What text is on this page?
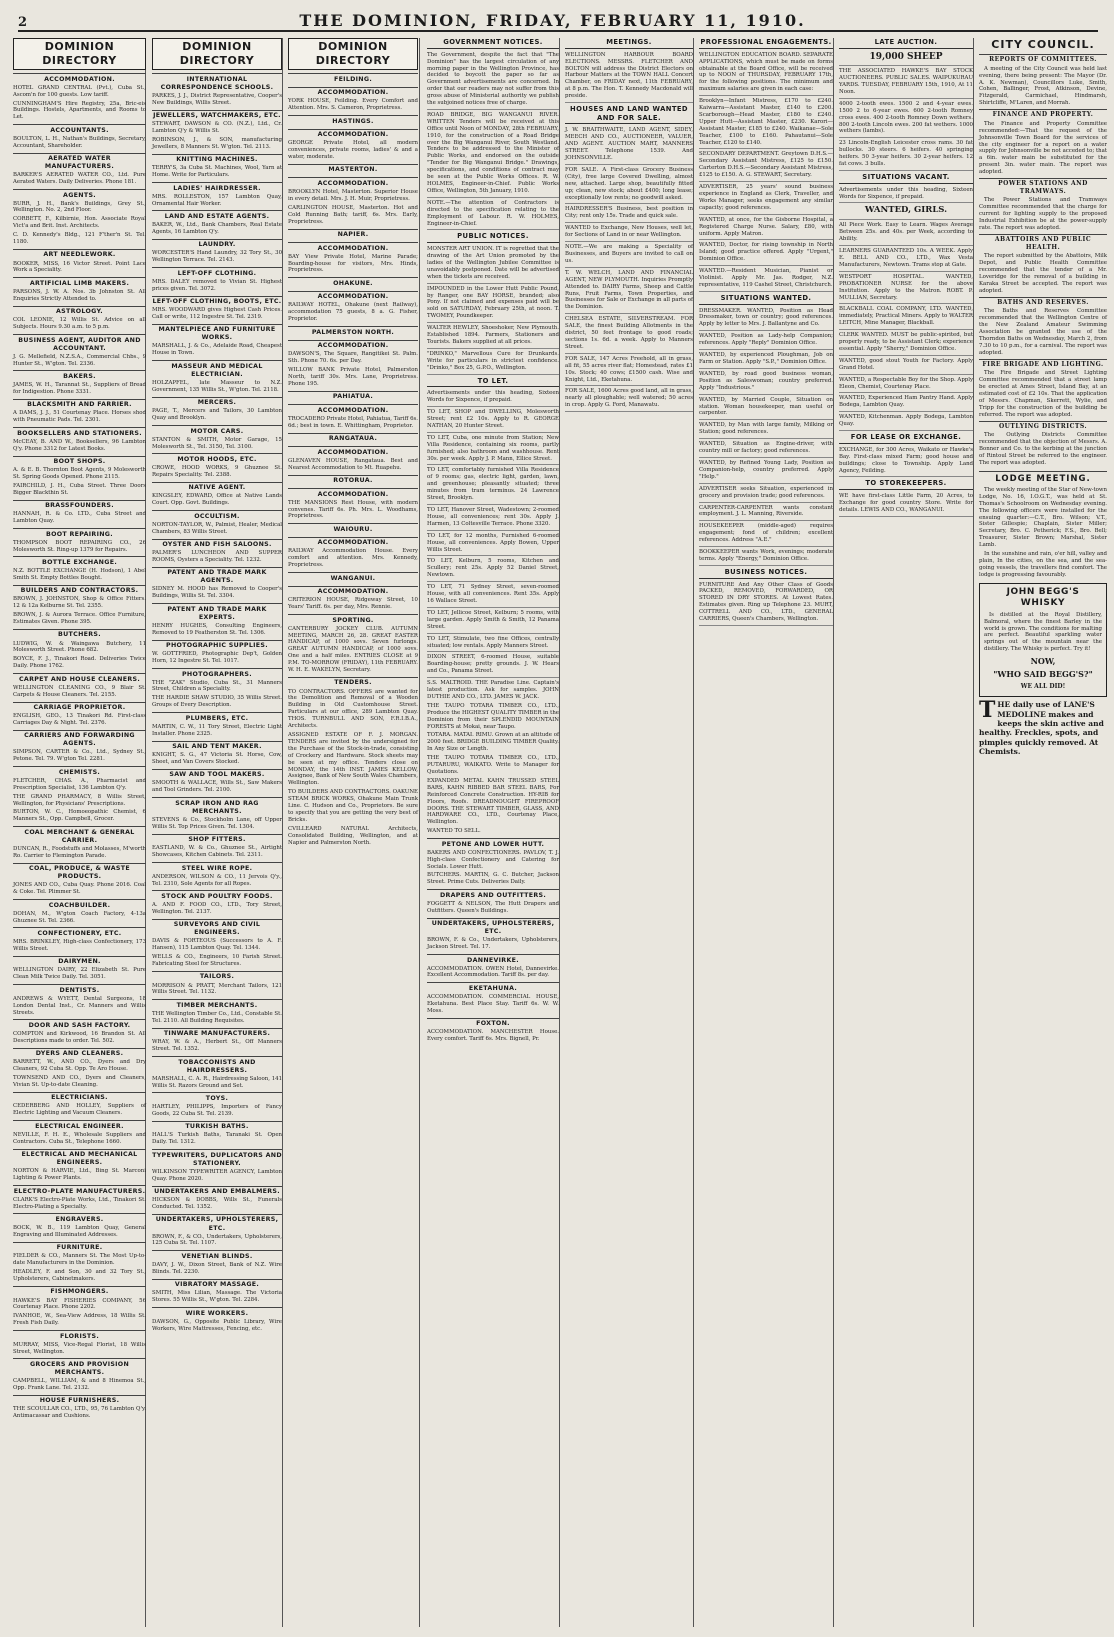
2	THE DOMINION, FRIDAY, FEBRUARY 11, 1910.
DOMINION DIRECTORY
ACCOMMODATION.

HOTEL GRAND CENTRAL (Pvt.), Cuba St., Ascom'n for 100 guests. Low tariff.

CUNNINGHAM'S Hire Registry, 25a, Bric-eis Buildings. Hostels, Apartments, and Rooms to Let.

ACCOUNTANTS.

BOULTON, L. H., Nathan's Buildings, Secretary, Accountant, Shareholder.

AERATED WATER MANUFACTURERS.

BARKER'S AERATED WATER CO., Ltd. Pure Aerated Waters. Daily Deliveries. Phone 181.

AGENTS.

BURR, J. H., Bank's Buildings, Grey St., Wellington. No. 2, 2nd Floor.

CORBETT, F., Kilbirnie, Hon. Associate Royal Vict'a and Brit. Inst. Architects.

C. D. Kennedy's Bldg., 121 F'ther'n St. Tel. 1180.

ART NEEDLEWORK.

BOOKER, MISS, 16 Victor Street. Point Lace Work a Speciality.

ARTIFICIAL LIMB MAKERS.

PARSONS, J. W. A. Nos. 3b Johnston St. All Enquiries Strictly Attended to.

ASTROLOGY.

COL LEONIE, 12 Willis St. Advice on all Subjects. Hours 9.30 a.m. to 5 p.m.

BUSINESS AGENT, AUDITOR AND ACCOUNTANT.

J. G. Mellefield, N.Z.S.A., Commercial Chbs., 9 Hunter St., W'gton. Tel. 2336.

BAKERS.

JAMES, W. H., Tarannat St., Suppliers of Bread for Indigestion. Phone 3331.

BLACKSMITH AND FARRIER.

A DAMS, J. J., 51 Courtenay Place. Horses shod with Pneumatic Pads. Tel. 2301.

BOOKSELLERS AND STATIONERS.

McCEAY, B. AND W., Booksellers, 96 Lambton Q'y. Phone 3312 for Latest Books.

BOOT SHOPS.

A. & E. B. Thornton Boot Agents, 9 Molesworth St. Spring Goods Opened. Phone 2115.

FAIRCHILD, J. H., Cuba Street. Three Doors Bigger Blackthin St.

BRASSFOUNDERS.

HANNAH, R. & Co. LTD., Cuba Street and Lambton Quay.

BOOT REPAIRING.

THOMPSON BOOT REPAIRING CO., 26 Molesworth St. Ring-up 1379 for Repairs.

BOTTLE EXCHANGE.

N.Z. BOTTLE EXCHANGE (H. Hodson), 1 Abel Smith St. Empty Bottles Bought.

BUILDERS AND CONTRACTORS.

BROWN, J. JOHNSTON, Shop & Office Fitters. 12 & 12a Kelburne St. Tel. 2355.

BROWN, J. & Aurora Terrace. Office Furniture, Estimates Given. Phone 395.

BUTCHERS.

LUDWIG, W. & Waingawa Butchery, 11 Molesworth Street. Phone 682.

BOYCE, F. J., Tinakori Road. Deliveries Twice Daily. Phone 1762.

CARPET AND HOUSE CLEANERS.

WELLINGTON CLEANING CO., 9 Blair St. Carpets & House Cleaners. Tel. 2155.

CARRIAGE PROPRIETOR.

ENGLISH, GEO., 13 Tinakori Rd. First-class Carriages Day & Night. Tel. 2376.

CARRIERS AND FORWARDING AGENTS.

SIMPSON, CARTER & Co., Ltd., Sydney St., Petone. Tel. 79. W'gton Tel. 2281.

CHEMISTS.

FLETCHER, CHAS. A., Pharmacist and Prescription Specialist, 136 Lambton Q'y.

THE GRAND PHARMACY, 8 Willis Street, Wellington, for Physicians' Prescriptions.

BURTON, W. C., Homoeopathic Chemist, 6 Manners St., Opp. Campbell, Grocer.

COAL MERCHANT & GENERAL CARRIER.

DUNCAN, R., Foodstuffs and Molasses, M'worth Ro. Carrier to Flemington Parade.

COAL, PRODUCE, & WASTE PRODUCTS.

JONES AND CO., Cuba Quay. Phone 2016. Coal & Coke. Tel. Plimmer St.

COACHBUILDER.

DOHAN, M., W'gton Coach Factory, 4-13a Ghuznee St. Tel. 2366.

CONFECTIONERY, ETC.

MRS. BRINKLEY, High-class Confectionery, 173 Willis Street.

DAIRYMEN.

WELLINGTON DAIRY, 22 Elizabeth St. Pure Clean Milk Twice Daily. Tel. 3051.

DENTISTS.

ANDREWS & WYETT, Dental Surgeons, 18 London Dental Inst., Cr. Manners and Willis Streets.

DOOR AND SASH FACTORY.

COMPTON and Kirkwood, 16 Brandon St. All Descriptions made to order. Tel. 502.

DYERS AND CLEANERS.

BARRETT, W., AND CO., Dyers and Dry Cleaners, 92 Cuba St. Opp. Te Aro House.

TOWNSEND AND CO., Dyers and Cleaners, Vivian St. Up-to-date Cleaning.

ELECTRICIANS.

CEDERBERG AND HOLLEY, Suppliers of Electric Lighting and Vacuum Cleaners.

ELECTRICAL ENGINEER.

NEVILLE, F. H. E., Wholesale Suppliers and Contractors. Cuba St., Telephone 1660.

ELECTRICAL AND MECHANICAL ENGINEERS.

NORTON & HARVIE, Ltd., Bing St. Marconi Lighting & Power Plants.

ELECTRO-PLATE MANUFACTURERS.

CLARK'S Electro-Plate Works, Ltd., Tinakori St. Electro-Plating a Specialty.

ENGRAVERS.

BOCK, W. B., 119 Lambton Quay, General Engraving and Illuminated Addresses.

FURNITURE.

FIELDER & CO., Manners St. The Most Up-to-date Manufacturers in the Dominion.

HEADLEY, F. and Son, 30 and 32 Tory St., Upholsterers, Cabinetmakers.

FISHMONGERS.

HAWKE'S BAY FISHERIES COMPANY, 56 Courtenay Place. Phone 2202.

IVANHOE, W., Sea-View Address, 18 Willis St. Fresh Fish Daily.

FLORISTS.

MURRAY, MISS, Vice-Regal Florist, 18 Willis Street, Wellington.

GROCERS AND PROVISION MERCHANTS.

CAMPBELL, WILLIAM, & and 8 Hinemoa St., Opp. Frank Lane. Tel. 2132.

HOUSE FURNISHERS.

THE SCOULLAR CO., LTD., 95, 76 Lambton Q'y. Antimacassar and Cushions.

DOMINION DIRECTORY
INTERNATIONAL CORRESPONDENCE SCHOOLS.

PARKES, J. J., District Representative, Cooper's New Buildings, Willis Street.

JEWELLERS, WATCHMAKERS, ETC.

STEWART, DAWSON & CO. (N.Z.), Ltd., Cr. Lambton Q'y & Willis St.

ROBINSON, J., & SON, manufacturing Jewellers, 8 Manners St. W'gton. Tel. 2113.

KNITTING MACHINES.

TERRY'S, 3a Cuba St. Machines, Wool, Yarn at Home. Write for Particulars.

LADIES' HAIRDRESSER.

MRS. ROLLESTON, 157 Lambton Quay, Ornamental Hair Worker.

LAND AND ESTATE AGENTS.

BAKER, W., Ltd., Bank Chambers, Real Estate Agents, 16 Lambton Q'y.

LAUNDRY.

WORCESTER'S Hand Laundry, 32 Tory St., 30 Wellington Terrace. Tel. 2143.

LEFT-OFF CLOTHING.

MRS. DALEY removed to Vivian St. Highest prices given. Tel. 3072.

LEFT-OFF CLOTHING, BOOTS, ETC.

MRS. WOODWARD gives Highest Cash Prices. Call or write, 112 Ingestre St. Tel. 2319.

MANTELPIECE AND FURNITURE WORKS.

MARSHALL, J. & Co., Adelaide Road, Cheapest House in Town.

MASSEUR AND MEDICAL ELECTRICIAN.

HOLZAPFEL, late Masseur to N.Z. Government, 135 Willis St., W'gton. Tel. 2118.

MERCERS.

PAGE, T., Mercers and Tailors, 30 Lambton Quay and Brooklyn.

MOTOR CARS.

STANTON & SMITH, Motor Garage, 15 Molesworth St., Tel. 3150, Tel. 3100.

MOTOR HOODS, ETC.

CROWE, HOOD WORKS, 9 Ghuznee St. Repairs Speciality. Tel. 2388.

NATIVE AGENT.

KINGSLEY, EDWARD, Office at Native Lands Court. Opp. Govt. Buildings.

OCCULTISM.

NORTON-TAYLOR, W., Palmist, Healer, Medical Chambers, 83 Willis Street.

OYSTER AND FISH SALOONS.

PALMER'S LUNCHEON AND SUPPER ROOMS, Oysters a Speciality. Tel. 1232.

PATENT AND TRADE MARK AGENTS.

SIDNEY M. HOOD has Removed to Cooper's Buildings, Willis St. Tel. 3304.

PATENT AND TRADE MARK EXPERTS.

HENRY HUGHES, Consulting Engineers, Removed to 19 Featherston St. Tel. 1306.

PHOTOGRAPHIC SUPPLIES.

W. GOTTFRIED, Photographic Dep't, Golden Horn, 12 Ingestre St. Tel. 1017.

PHOTOGRAPHERS.

THE "ZAK" Studio, Cuba St., 31 Manners Street, Children a Speciality.

THE HARDIE SHAW STUDIO, 35 Willis Street. Groups of Every Description.

PLUMBERS, ETC.

MARTIN, C. W., 11 Tory Street, Electric Light Installer. Phone 2325.

SAIL AND TENT MAKER.

KNIGHT, S. G., 47 Victoria St. Horse, Cow, Sheet, and Van Covers Stocked.

SAW AND TOOL MAKERS.

SMOOTH & WALLACE, Wills St., Saw Makers and Tool Grinders. Tel. 2100.

SCRAP IRON AND RAG MERCHANTS.

STEVENS & Co., Stockholm Lane, off Upper Willis St. Top Prices Given. Tel. 1304.

SHOP FITTERS.

EASTLAND, W. & Co., Ghuznee St., Airtight Showcases, Kitchen Cabinets. Tel. 2311.

STEEL WIRE ROPE.

ANDERSON, WILSON & CO., 11 Jervois Q'y., Tel. 2310, Sole Agents for all Ropes.

STOCK AND POULTRY FOODS.

A. AND F. FOOD CO., LTD., Tory Street, Wellington. Tel. 2137.

SURVEYORS AND CIVIL ENGINEERS.

DAVIS & FORTEOUS (Successors to A. F. Hansen), 115 Lambton Quay. Tel. 1344.

WELLS & CO., Engineers, 10 Farish Street. Fabricating Steel for Structures.

TAILORS.

MORRISON & PRATT, Merchant Tailors, 121 Willis Street. Tel. 1132.

TIMBER MERCHANTS.

THE Wellington Timber Co., Ltd., Constable St. Tel. 2110. All Building Requisites.

TINWARE MANUFACTURERS.

WRAY, W. & A., Herbert St., Off Manners Street. Tel. 1352.

TOBACCONISTS AND HAIRDRESSERS.

MARSHALL, C. A. R., Hairdressing Saloon, 141 Willis St. Razors Ground and Set.

TOYS.

HARTLEY, PHILIPPS, Importers of Fancy Goods, 22 Cuba St. Tel. 2139.

TURKISH BATHS.

HALL'S Turkish Baths, Taranaki St. Open Daily. Tel. 1312.

TYPEWRITERS, DUPLICATORS AND STATIONERY.

WILKINSON TYPEWRITER AGENCY, Lambton Quay. Phone 2020.

UNDERTAKERS AND EMBALMERS.

HICKSON & DOBBS, Wills St., Funerals Conducted. Tel. 1352.

UNDERTAKERS, UPHOLSTERERS, ETC.

BROWN, F., & CO., Undertakers, Upholsterers, 125 Cuba St. Tel. 1107.

VENETIAN BLINDS.

DAVY, J. W., Dixon Street, Bank of N.Z. Wire Blinds. Tel. 2230.

VIBRATORY MASSAGE.

SMITH, Miss Lilian, Massage. The Victoria Stores. 55 Willis St., W'gton. Tel. 2284.

WIRE WORKERS.

DAWSON, G., Opposite Public Library, Wire Workers, Wire Mattresses, Fencing, etc.

DOMINION DIRECTORY
FEILDING.
ACCOMMODATION.

YORK HOUSE, Feilding. Every Comfort and Attention. Mrs. S. Cameron, Proprietress.

HASTINGS.
ACCOMMODATION.

GEORGE Private Hotel, all modern conveniences, private rooms, ladies' & and a water, moderate.

MASTERTON.
ACCOMMODATION.

BROOKLYN Hotel, Masterton. Superior House in every detail. Mrs. J. H. Muir, Proprietress.

CARLINGTON HOUSE, Masterton. Hot and Cold Running Bath; tariff, 6s. Mrs. Early, Proprietress.

NAPIER.
ACCOMMODATION.

BAY View Private Hotel, Marine Parade; Boarding-house for visitors, Mrs. Hinds, Proprietress.

OHAKUNE.
ACCOMMODATION.

RAILWAY HOTEL, Ohakune (next Railway), accommodation 75 guests, 8 a. G. Fisher, Proprietor.

PALMERSTON NORTH.
ACCOMMODATION.

DAWSON'S, The Square, Rangitikei St. Palm. Sth. Phone 70. 6s. per Day.

WILLOW BANK Private Hotel, Palmerston North, tariff 30s. Mrs. Lane, Proprietress. Phone 195.

PAHIATUA.
ACCOMMODATION.

TROCADERO Private Hotel, Pahiatua, Tariff 6s. 6d.; best in town. E. Whittingham, Proprietor.

RANGATAUA.
ACCOMMODATION.

GLENAVEN HOUSE, Rangataua. Best and Nearest Accommodation to Mt. Ruapehu.

ROTORUA.
ACCOMMODATION.

THE MANSIONS Rest House, with modern convenes. Tariff 6s. Ph. Mrs. L. Woodhams, Proprietress.

WAIOURU.
ACCOMMODATION.

RAILWAY Accommodation House. Every comfort and attention. Mrs. Kennedy, Proprietress.

WANGANUI.
ACCOMMODATION.

CRITERION HOUSE, Ridgeway Street, 10 Years' Tariff. 6s. per day, Mrs. Rennie.

SPORTING.

CANTERBURY JOCKEY CLUB. AUTUMN MEETING, MARCH 26, 28. GREAT EASTER HANDICAP, of 1000 sovs. Seven furlongs. GREAT AUTUMN HANDICAP, of 1000 sovs. One and a half miles. ENTRIES CLOSE at 9 P.M. TO-MORROW (FRIDAY), 11th FEBRUARY. W. H. E. WAKELYN, Secretary.

TENDERS.

TO CONTRACTORS. OFFERS are wanted for the Demolition and Removal of a Wooden Building in Old Customhouse Street. Particulars at our office, 289 Lambton Quay. THOS. TURNBULL AND SON, F.R.I.B.A., Architects.

ASSIGNED ESTATE OF F. J. MORGAN. TENDERS are invited by the undersigned for the Purchase of the Stock-in-trade, consisting of Crockery and Hardware. Stock sheets may be seen at my office. Tenders close on MONDAY, the 14th INST. JAMES KELLOW, Assignee, Bank of New South Wales Chambers, Wellington.

TO BUILDERS AND CONTRACTORS. OAKUNE STEAM BRICK WORKS, Ohakune Main Trunk Line. C. Hudson and Co., Proprietors. Be sure to specify that you are getting the very best of Bricks.

CVILLEARD NATURAL Architects, Consolidated Building, Wellington, and at Napier and Palmerston North.

GOVERNMENT NOTICES.

The Government, despite the fact that "The Dominion" has the largest circulation of any morning paper in the Wellington Province, has decided to boycott the paper so far as Government advertisements are concerned. In order that our readers may not suffer from this gross abuse of Ministerial authority we publish the subjoined notices free of charge.

ROAD BRIDGE, BIG WANGANUI RIVER. WRITTEN Tenders will be received at this Office until Noon of MONDAY, 28th FEBRUARY, 1910, for the construction of a Road Bridge over the Big Wanganui River, South Westland. Tenders to be addressed to the Minister of Public Works, and endorsed on the outside "Tender for Big Wanganui Bridge." Drawings, specifications, and conditions of contract may be seen at the Public Works Offices. R. W. HOLMES, Engineer-in-Chief. Public Works Office, Wellington, 5th January, 1910.

NOTE.—The attention of Contractors is directed to the specification relating to the Employment of Labour. R. W. HOLMES, Engineer-in-Chief.

PUBLIC NOTICES.

MONSTER ART UNION. IT is regretted that the drawing of the Art Union promoted by the ladies of the Wellington Jubilee Committee is unavoidably postponed. Date will be advertised when the tickets are received.

IMPOUNDED in the Lower Hutt Public Pound, by Ranger, one BAY HORSE, branded; also Pony. If not claimed and expenses paid will be sold on SATURDAY, February 25th, at noon. T. TWOMEY, Poundkeeper.

WALTER HEWLEY, Shoeshoker, New Plymouth. Established 1894. Farmers, Stationers and Tourists. Bakers supplied at all prices.

"DRINKO," Marvellous Cure for Drunkards. Write for particulars in strictest confidence. "Drinko," Box 25, G.P.O., Wellington.

TO LET.
Advertisements under this heading, Sixteen Words for Sixpence, if prepaid.

TO LET, SHOP and DWELLING, Molesworth Street; rent £2 10s. Apply to R. GEORGE NATHAN, 20 Hunter Street.

TO LET, Cuba, one minute from Station; New Villa Residence, containing six rooms, partly furnished; also bathroom and washhouse. Rent 30s. per week. Apply J. P. Mann, Ellice Street.

TO LET, comfortably furnished Villa Residence of 9 rooms; gas, electric light, garden, lawn, and greenhouse; pleasantly situated; three minutes from tram terminus. 24 Lawrence Street, Brooklyn.

TO LET, Hanover Street, Wadestown; 2-roomed House, all conveniences; rent 30s. Apply J. Harmen, 13 Coltesville Terrace. Phone 3320.

TO LET, for 12 months, Furnished 6-roomed House, all conveniences. Apply Bowen, Upper Willis Street.

TO LET, Kelburn, 5 rooms, Kitchen and Scullery; rent 25s. Apply 52 Daniel Street, Newtown.

TO LET, 71 Sydney Street, seven-roomed House, with all conveniences. Rent 35s. Apply 16 Wallace Street.

TO LET, Jellicoe Street, Kelburn; 5 rooms, with large garden. Apply Smith & Smith, 12 Panama Street.

TO LET, Stimulate, two fine Offices, centrally situated; low rentals. Apply Manners Street.

DIXON STREET, 6-roomed House, suitable Boarding-house; pretty grounds. J. W. Hears and Co., Panama Street.

S.S. MALTROID. THE Paradise Line. Captain's latest production. Ask for samples. JOHN DUTHIE AND CO., LTD. JAMES W. JACK.

THE TAUPO TOTARA TIMBER CO., LTD., Produce the HIGHEST QUALITY TIMBER in the Dominion from their SPLENDID MOUNTAIN FORESTS at Mokai, near Taupo.

TOTARA. MATAI. RIMU. Grown at an altitude of 2000 feet. BRIDGE BUILDING TIMBER Quality. In Any Size or Length.

THE TAUPO TOTARA TIMBER CO., LTD., PUTARURU, WAIKATO. Write to Manager for Quotations.

EXPANDED METAL KAHN TRUSSED STEEL BARS, KAHN RIBBED BAR STEEL BARS, For Reinforced Concrete Construction. HY-RIB for Floors, Roofs. DREADNOUGHT FIREPROOF DOORS. THE STEWART TIMBER, GLASS, AND HARDWARE CO., LTD., Courtenay Place, Wellington.

WANTED TO SELL.

PETONE AND LOWER HUTT.

BAKERS AND CONFECTIONERS. PAVLOV, T. J. High-class Confectionery and Catering for Socials. Lower Hutt.

BUTCHERS. MARTIN, G. C. Butcher, Jackson Street. Prime Cuts. Deliveries Daily.

DRAPERS AND OUTFITTERS.

FOGGETT & NELSON, The Hutt Drapers and Outfitters. Queen's Buildings.

UNDERTAKERS, UPHOLSTERERS, ETC.

BROWN, F. & Co., Undertakers, Upholsterers, Jackson Street. Tel. 17.

DANNEVIRKE.

ACCOMMODATION. OWEN Hotel, Dannevirke. Excellent Accommodation. Tariff 8s. per day.

EKETAHUNA.

ACCOMMODATION. COMMERCIAL HOUSE, Eketahuna. Best Place Stay. Tariff 6s. W. W. Moss.

FOXTON.

ACCOMMODATION. MANCHESTER House. Every comfort. Tariff 6s. Mrs. Bignell, Pr.

MEETINGS.

WELLINGTON HARBOUR BOARD ELECTIONS. MESSRS. FLETCHER AND BOLTON will address the District Electors on Harbour Matters at the TOWN HALL Concert Chamber, on FRIDAY next, 11th FEBRUARY, at 8 p.m. The Hon. T. Kennedy Macdonald will preside.

HOUSES AND LAND WANTED AND FOR SALE.
J. W. BRAITHWAITE, LAND AGENT, SIDEY, MEECH AND CO., AUCTIONEER, VALUER, AND AGENT. AUCTION MART, MANNERS STREET. Telephone 1539. And JOHNSONVILLE.

FOR SALE. A First-class Grocery Business (City), free large Covered Dwelling, almost new, attached. Large shop, beautifully fitted up; clean, new stock; about £400; long lease; exceptionally low rents; no goodwill asked.

HAIRDRESSER'S Business, best position in City; rent only 15s. Trade and quick sale.

WANTED to Exchange, New Houses, well let, for Sections of Land in or near Wellington.

NOTE.—We are making a Speciality of Businesses, and Buyers are invited to call on us.

T. W. WELCH, LAND AND FINANCIAL AGENT, NEW PLYMOUTH. Inquiries Promptly Attended to. DAIRY Farms, Sheep and Cattle Runs, Fruit Farms, Town Properties, and Businesses for Sale or Exchange in all parts of the Dominion.

CHELSEA ESTATE, SILVERSTREAM. FOR SALE, the finest Building Allotments in the district, 50 feet frontage to good roads; sections 1s. 6d. a week. Apply to Manners Street.

FOR SALE, 147 Acres Freehold, all in grass, all fit, 55 acres river flat; Homestead, rates £1 10s. Stock; 40 cows; £1500 cash. Wise and Knight, Ltd., Eketahuna.

FOR SALE, 1600 Acres good land, all in grass, nearly all ploughable; well watered; 50 acres in crop. Apply G. Ford, Manawatu.

PROFESSIONAL ENGAGEMENTS.

WELLINGTON EDUCATION BOARD. SEPARATE APPLICATIONS, which must be made on forms obtainable at the Board Office, will be received up to NOON of THURSDAY, FEBRUARY 17th, for the following positions. The minimum and maximum salaries are given in each case:

Brooklyn—Infant Mistress, £170 to £240. Kaiwarra—Assistant Master, £140 to £200. Scarborough—Head Master, £180 to £240. Upper Hutt—Assistant Master, £230. Karori—Assistant Master, £185 to £240. Waikanae—Sole Teacher, £100 to £160. Pahautanui—Sole Teacher, £120 to £140.

SECONDARY DEPARTMENT. Greytown D.H.S.—Secondary Assistant Mistress, £125 to £150. Carterton D.H.S.—Secondary Assistant Mistress, £125 to £150. A. G. STEWART, Secretary.

ADVERTISER, 25 years' sound business experience in England as Clerk, Traveller, and Works Manager, seeks engagement any similar capacity; good references.

WANTED, at once, for the Gisborne Hospital, a Registered Charge Nurse. Salary, £80, with uniform. Apply Matron.

WANTED, Doctor, for rising township in North Island; good practice offered. Apply "Urgent," Dominion Office.

WANTED.—Resident Musician, Pianist or Violinist. Apply Mr. Jas. Rodger, N.Z. representative, 119 Cashel Street, Christchurch.

SITUATIONS WANTED.

DRESSMAKER. WANTED, Position as Head Dressmaker, town or country; good references. Apply by letter to Mrs. J. Ballantyne and Co.

WANTED, Position as Lady-help Companion; references. Apply "Reply" Dominion Office.

WANTED, by experienced Ploughman, Job on Farm or Station. Apply "S.P.," Dominion Office.

WANTED, by road good business woman, Position as Saleswoman; country preferred. Apply "Industrious."

WANTED, by Married Couple, Situation on station. Woman housekeeper, man useful or carpenter.

WANTED, by Man with large family, Milking or Station; good references.

WANTED, Situation as Engine-driver, with country mill or factory; good references.

WANTED, by Refined Young Lady, Position as Companion-help, country preferred. Apply "Help."

ADVERTISER seeks Situation, experienced in grocery and provision trade; good references.

CARPENTER-CARPENTER wants constant employment. J. L. Manning, Riverside.

HOUSEKEEPER (middle-aged) requires engagement; fond of children; excellent references. Address "A.E."

BOOKKEEPER wants Work, evenings; moderate terms. Apply "Energy," Dominion Office.

BUSINESS NOTICES.

FURNITURE And Any Other Class of Goods PACKED, REMOVED, FORWARDED, OR STORED IN DRY STORES. At Lowest Rates. Estimates given. Ring up Telephone 23. MURT, COTTRELL AND CO., LTD., GENERAL CARRIERS, Queen's Chambers, Wellington.

LATE AUCTION.
19,000 SHEEP

THE ASSOCIATED HAWKE'S BAY STOCK AUCTIONEERS. PUBLIC SALES. WAIPUKURAU YARDS. TUESDAY, FEBRUARY 15th, 1910, At 11 Noon.

4000 2-tooth ewes. 1500 2 and 4-year ewes. 1500 2 to 6-year ewes. 600 2-tooth Romney cross ewes. 400 2-tooth Romney Down wethers. 800 2-tooth Lincoln ewes. 200 fat wethers. 1000 wethers (lambs).

23 Lincoln-English Leicester cross rams. 30 fat bullocks. 30 steers. 6 heifers. 40 springing heifers. 50 3-year heifers. 30 2-year heifers. 12 fat cows. 3 bulls.

SITUATIONS VACANT.
Advertisements under this heading, Sixteen Words for Sixpence, if prepaid.
WANTED, GIRLS.

All Piece Work. Easy to Learn. Wages Average Between 25s. and 40s. per Week, according to Ability.

LEARNERS GUARANTEED 10s. A WEEK. Apply E. BELL AND CO., LTD., Wax Vesta Manufacturers, Newtown. Trams stop at Gate.

WESTPORT HOSPITAL. WANTED, PROBATIONER NURSE for the above Institution. Apply to the Matron. ROBT. P. MULLIAN, Secretary.

BLACKBALL COAL COMPANY, LTD. WANTED, immediately, Practical Miners. Apply to WALTER LEITCH, Mine Manager, Blackball.

CLERK WANTED. MUST be public-spirited, but properly ready, to be Assistant Clerk; experience essential. Apply "Sherry," Dominion Office.

WANTED, good stout Youth for Factory. Apply Grand Hotel.

WANTED, a Respectable Boy for the Shop. Apply Eleon, Chemist, Courtenay Place.

WANTED, Experienced Ham Pantry Hand. Apply Bodega, Lambton Quay.

WANTED, Kitchenman. Apply Bodega, Lambton Quay.

FOR LEASE OR EXCHANGE.

EXCHANGE, for 300 Acres, Waikato or Hawke's Bay. First-class mixed Farm; good house and buildings; close to Township. Apply Land Agency, Feilding.

TO STOREKEEPERS.
WE have first-class Little Farm, 20 Acres, to Exchange for good country Store. Write for details. LEWIS AND CO., WANGANUI.
CITY COUNCIL.
REPORTS OF COMMITTEES.

A meeting of the City Council was held last evening, there being present: The Mayor (Dr. A. K. Newman), Councillors Luke, Smith, Cohen, Ballinger, Frost, Atkinson, Devine, Fitzgerald, Carmichael, Hindmarsh, Shirtcliffe, M'Laren, and Morrah.

FINANCE AND PROPERTY.

The Finance and Property Committee recommended:—That the request of the Johnsonville Town Board for the services of the city engineer for a report on a water supply for Johnsonville be not acceded to; that a 6in. water main be substituted for the present 3in. water main. The report was adopted.

POWER STATIONS AND TRAMWAYS.

The Power Stations and Tramways Committee recommended that the charge for current for lighting supply to the proposed Industrial Exhibition be at the power-supply rate. The report was adopted.

ABATTOIRS AND PUBLIC HEALTH.

The report submitted by the Abattoirs, Milk Depot, and Public Health Committee recommended that the tender of a Mr. Loveridge for the removal of a building in Karaka Street be accepted. The report was adopted.

BATHS AND RESERVES.

The Baths and Reserves Committee recommended that the Wellington Centre of the New Zealand Amateur Swimming Association be granted the use of the Thorndon Baths on Wednesday, March 2, from 7.30 to 10 p.m., for a carnival. The report was adopted.

FIRE BRIGADE AND LIGHTING.

The Fire Brigade and Street Lighting Committee recommended that a street lamp be erected at Ames Street, Island Bay, at an estimated cost of £2 10s. That the application of Messrs. Chapman, Skerrett, Wylie, and Tripp for the construction of the building be referred. The report was adopted.

OUTLYING DISTRICTS.

The Outlying Districts Committee recommended that the objection of Messrs. A. Bonner and Co. to the kerbing at the junction of Rintoul Street be referred to the engineer. The report was adopted.

LODGE MEETING.

The weekly meeting of the Star of New-town Lodge, No. 16, I.O.G.T., was held at St. Thomas's Schoolroom on Wednesday evening. The following officers were installed for the ensuing quarter:—C.T., Bro. Wilson; V.T., Sister Gillespie; Chaplain, Sister Miller; Secretary, Bro. C. Petherick; F.S., Bro. Bell; Treasurer, Sister Brown; Marshal, Sister Lamb.

In the sunshine and rain, o'er hill, valley and plain, In the cities, on the sea, and the sea-going vessels, the travellers find comfort. The lodge is progressing favourably.

JOHN BEGG'S WHISKY

Is distilled at the Royal Distillery, Balmoral, where the finest Barley in the world is grown. The conditions for malting are perfect. Beautiful sparkling water springs out of the mountain near the distillery. The Whisky is perfect. Try it!

NOW,
"WHO SAID BEGG'S?"
WE ALL DID!
T HE daily use of LANE'S MEDOLINE makes and keeps the skin active and healthy. Freckles, spots, and pimples quickly removed. At Chemists.
